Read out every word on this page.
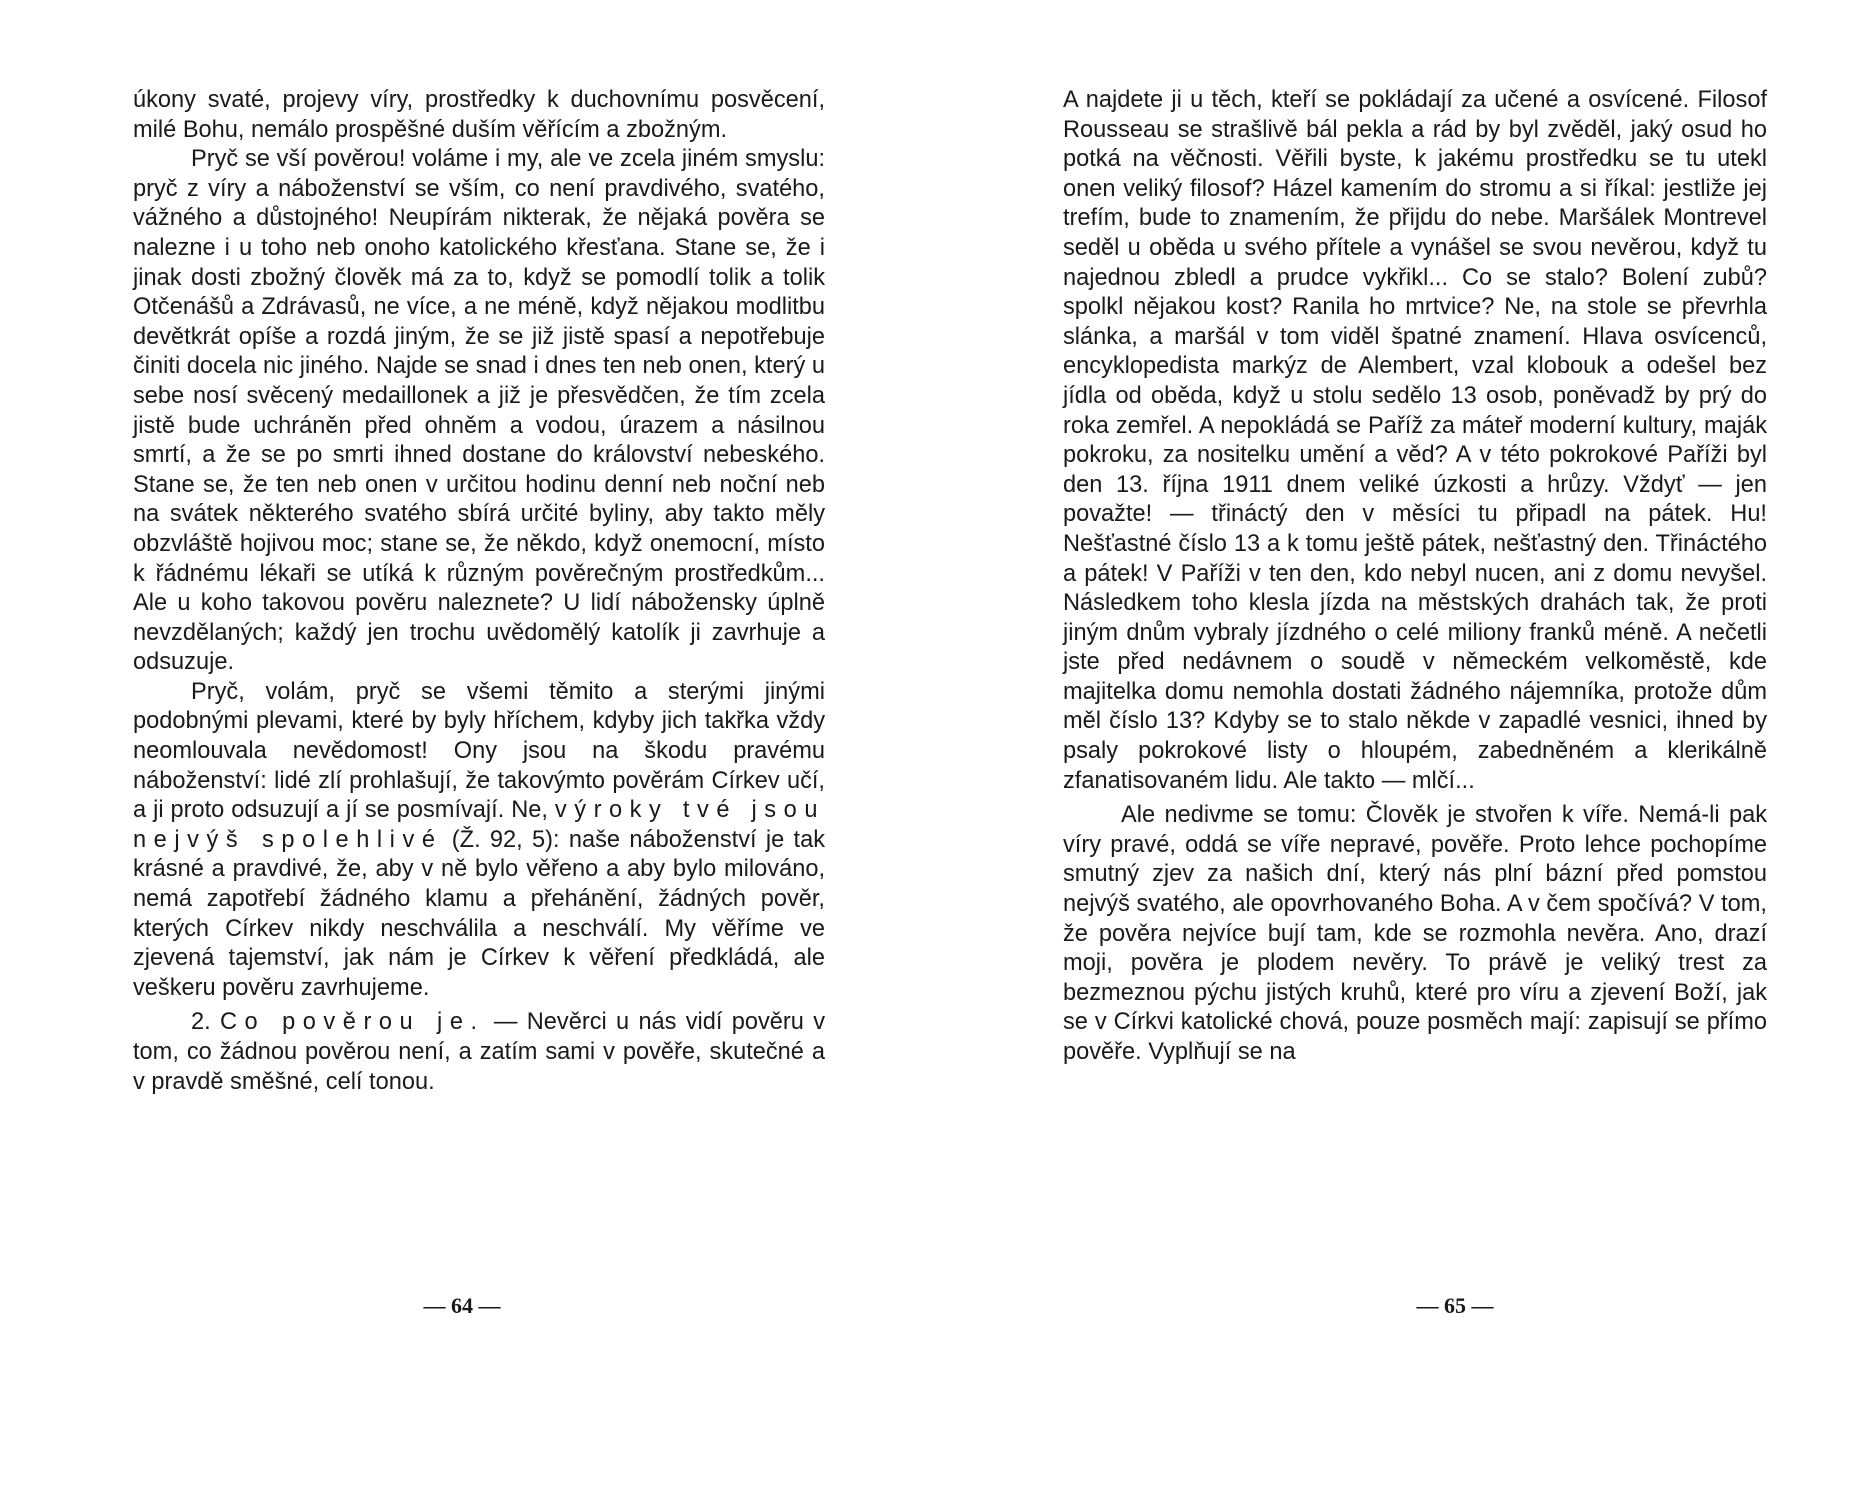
úkony svaté, projevy víry, prostředky k duchovnímu posvěcení, milé Bohu, nemálo prospěšné duším věřícím a zbožným.

Pryč se vší pověrou! voláme i my, ale ve zcela jiném smyslu: pryč z víry a náboženství se vším, co není pravdivého, svatého, vážného a důstojného! Neupírám nikterak, že nějaká pověra se nalezne i u toho neb onoho katolického křesťana. Stane se, že i jinak dosti zbožný člověk má za to, když se pomodlí tolik a tolik Otčenášů a Zdrávasů, ne více, a ne méně, když nějakou modlitbu devětkrát opíše a rozdá jiným, že se již jistě spasí a nepotřebuje činiti docela nic jiného. Najde se snad i dnes ten neb onen, který u sebe nosí svěcený medaillonek a již je přesvědčen, že tím zcela jistě bude uchráněn před ohněm a vodou, úrazem a násilnou smrtí, a že se po smrti ihned dostane do království nebeského. Stane se, že ten neb onen v určitou hodinu denní neb noční neb na svátek některého svatého sbírá určité byliny, aby takto měly obzvláště hojivou moc; stane se, že někdo, když onemocní, místo k řádnému lékaři se utíká k různým pověrečným prostředkům... Ale u koho takovou pověru naleznete? U lidí nábožensky úplně nevzdělaných; každý jen trochu uvědomělý katolík ji zavrhuje a odsuzuje.

Pryč, volám, pryč se všemi těmito a sterými jinými podobnými plevami, které by byly hříchem, kdyby jich takřka vždy neomlouvala nevědomost! Ony jsou na škodu pravému náboženství: lidé zlí prohlašují, že takovýmto pověrám Církev učí, a ji proto odsuzují a jí se posmívají. Ne, výroky tvé jsou nejvýš spolehlivé (Ž. 92, 5): naše náboženství je tak krásné a pravdivé, že, aby v ně bylo věřeno a aby bylo milováno, nemá zapotřebí žádného klamu a přehánění, žádných pověr, kterých Církev nikdy neschválila a neschválí. My věříme ve zjevená tajemství, jak nám je Církev k věření předkládá, ale veškeru pověru zavrhujeme.

2. Co pověrou je. — Nevěrci u nás vidí pověru v tom, co žádnou pověrou není, a zatím sami v pověře, skutečné a v pravdě směšné, celí tonou.

— 64 —

A najdete ji u těch, kteří se pokládají za učené a osvícené. Filosof Rousseau se strašlivě bál pekla a rád by byl zvěděl, jaký osud ho potká na věčnosti. Věřili byste, k jakému prostředku se tu utekl onen veliký filosof? Házel kamením do stromu a si říkal: jestliže jej trefím, bude to znamením, že přijdu do nebe. Maršálek Montrevel seděl u oběda u svého přítele a vynášel se svou nevěrou, když tu najednou zbledl a prudce vykřikl... Co se stalo? Bolení zubů? spolkl nějakou kost? Ranila ho mrtvice? Ne, na stole se převrhla slánka, a maršál v tom viděl špatné znamení. Hlava osvícenců, encyklopedista markýz de Alembert, vzal klobouk a odešel bez jídla od oběda, když u stolu sedělo 13 osob, poněvadž by prý do roka zemřel. A nepokládá se Paříž za máteř moderní kultury, maják pokroku, za nositelku umění a věd? A v této pokrokové Paříži byl den 13. října 1911 dnem veliké úzkosti a hrůzy. Vždyť — jen považte! — třináctý den v měsíci tu připadl na pátek. Hu! Nešťastné číslo 13 a k tomu ještě pátek, nešťastný den. Třináctého a pátek! V Paříži v ten den, kdo nebyl nucen, ani z domu nevyšel. Následkem toho klesla jízda na městských drahách tak, že proti jiným dnům vybraly jízdného o celé miliony franků méně. A nečetli jste před nedávnem o soudě v německém velkoměstě, kde majitelka domu nemohla dostati žádného nájemníka, protože dům měl číslo 13? Kdyby se to stalo někde v zapadlé vesnici, ihned by psaly pokrokové listy o hloupém, zabedněném a klerikálně zfanatisovaném lidu. Ale takto — mlčí...

Ale nedivme se tomu: Člověk je stvořen k víře. Nemá-li pak víry pravé, oddá se víře nepravé, pověře. Proto lehce pochopíme smutný zjev za našich dní, který nás plní bázní před pomstou nejvýš svatého, ale opovrhovaného Boha. A v čem spočívá? V tom, že pověra nejvíce bují tam, kde se rozmohla nevěra. Ano, drazí moji, pověra je plodem nevěry. To právě je veliký trest za bezmeznou pýchu jistých kruhů, které pro víru a zjevení Boží, jak se v Církvi katolické chová, pouze posměch mají: zapisují se přímo pověře. Vyplňují se na

— 65 —
